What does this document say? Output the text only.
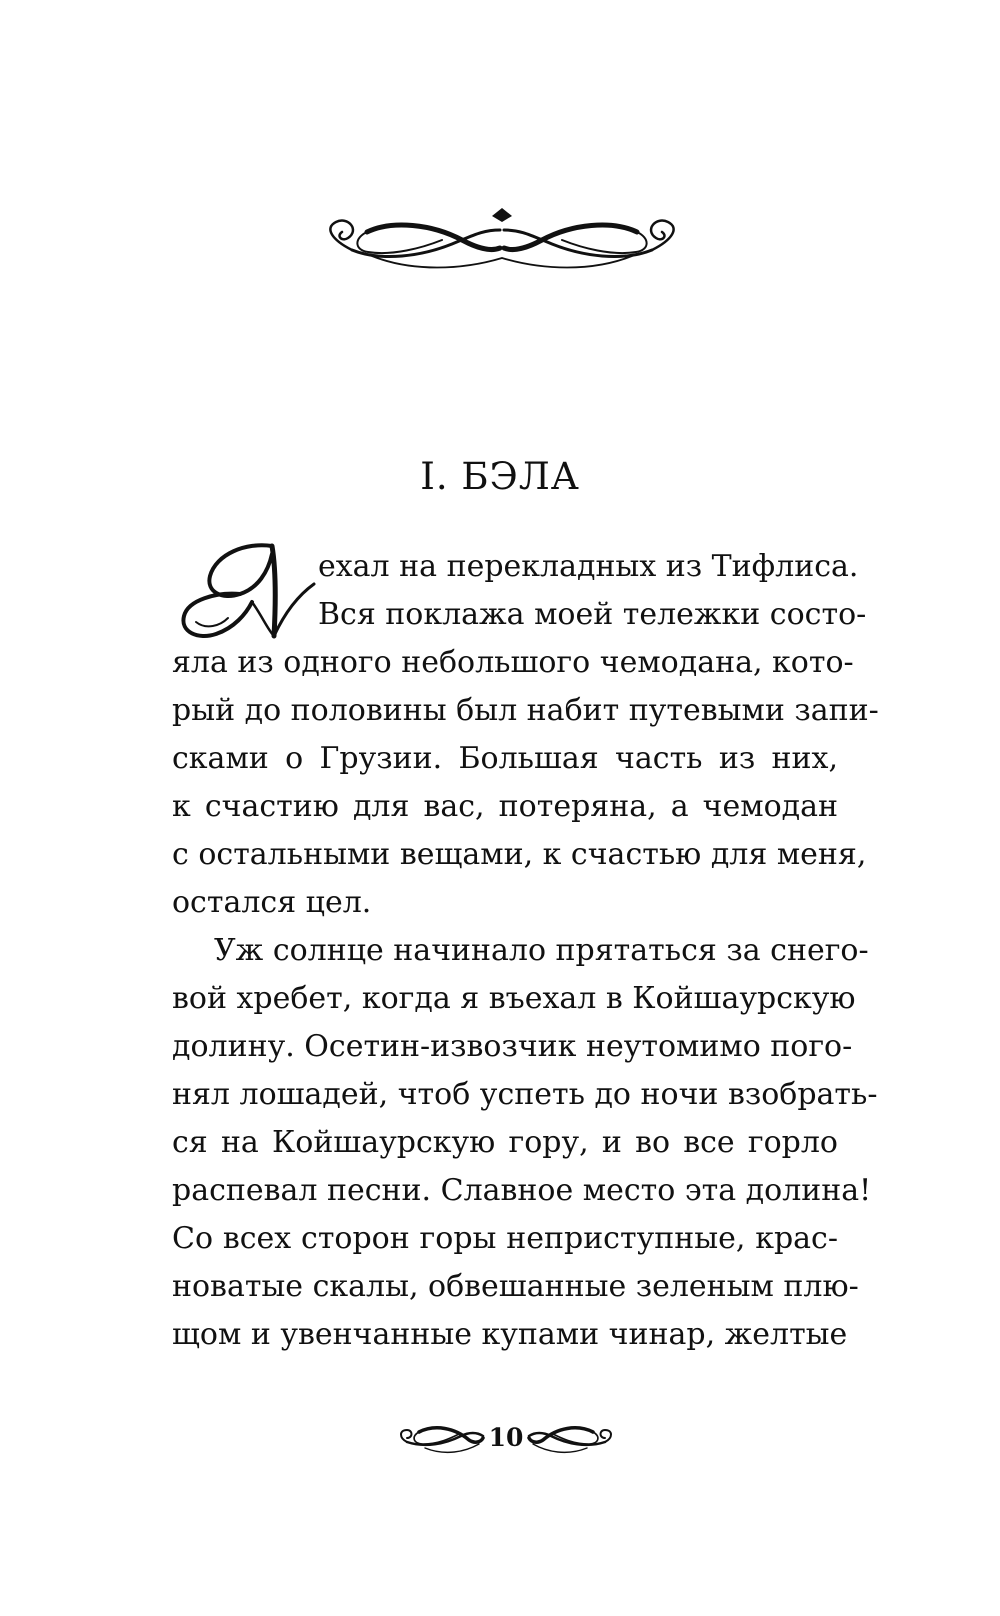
I. БЭЛА
ехал на перекладных из Тифлиса.
Вся поклажа моей тележки состо-
яла из одного небольшого чемодана, кото-
рый до половины был набит путевыми запи-
сками о Грузии. Большая часть из них,
к счастию для вас, потеряна, а чемодан
с остальными вещами, к счастью для меня,
остался цел.
Уж солнце начинало прятаться за снего-
вой хребет, когда я въехал в Койшаурскую
долину. Осетин-извозчик неутомимо пого-
нял лошадей, чтоб успеть до ночи взобрать-
ся на Койшаурскую гору, и во все горло
распевал песни. Славное место эта долина!
Со всех сторон горы неприступные, крас-
новатые скалы, обвешанные зеленым плю-
щом и увенчанные купами чинар, желтые
10
